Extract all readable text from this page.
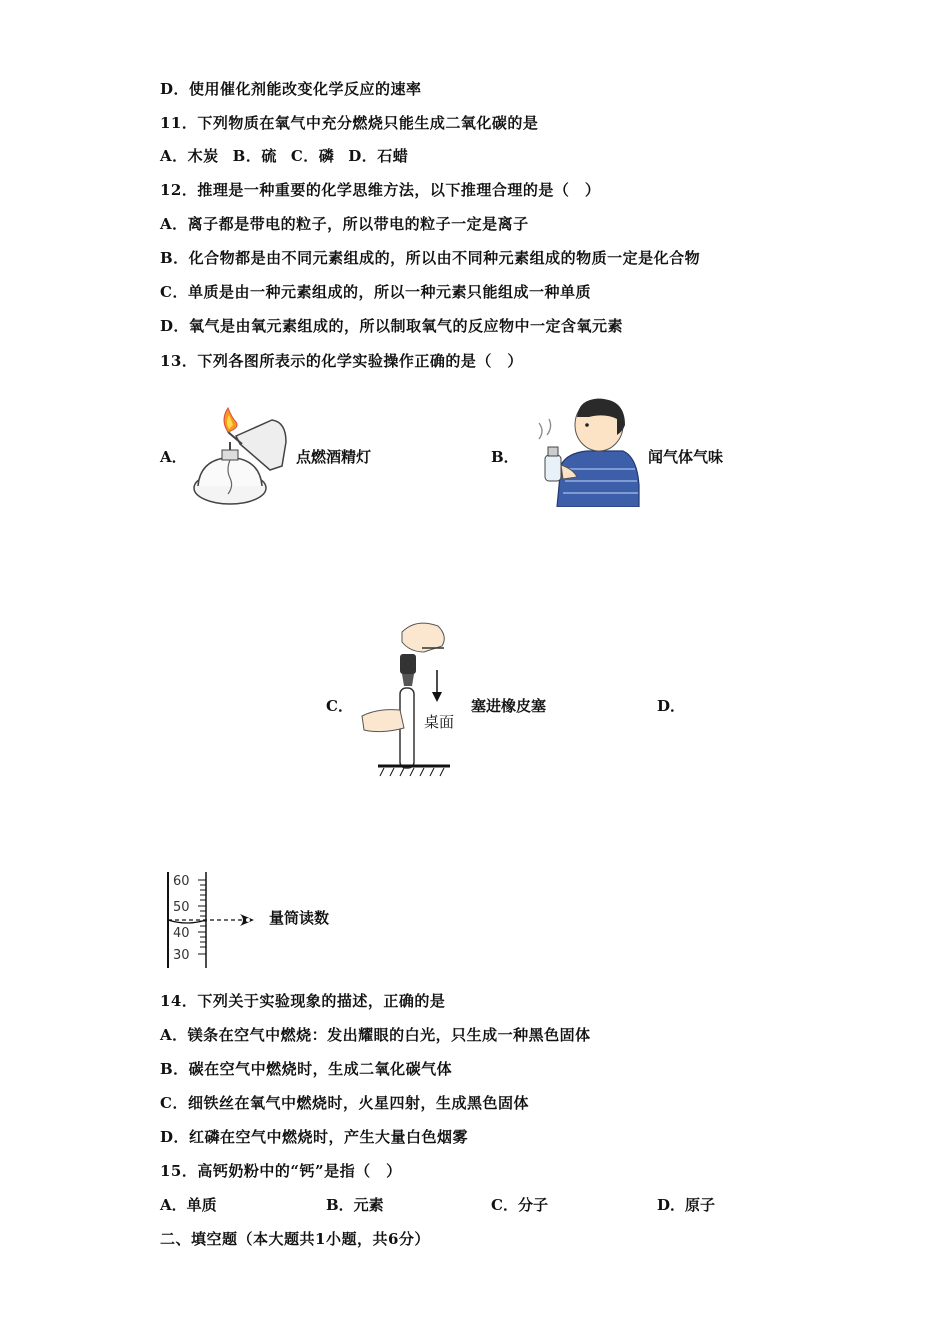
D．使用催化剂能改变化学反应的速率
11．下列物质在氧气中充分燃烧只能生成二氧化碳的是
A．木炭 B．硫 C．磷 D．石蜡
12．推理是一种重要的化学思维方法，以下推理合理的是（　）
A．离子都是带电的粒子，所以带电的粒子一定是离子
B．化合物都是由不同元素组成的，所以由不同种元素组成的物质一定是化合物
C．单质是由一种元素组成的，所以一种元素只能组成一种单质
D．氧气是由氧元素组成的，所以制取氧气的反应物中一定含氧元素
13．下列各图所表示的化学实验操作正确的是（　）
A．	点燃酒精灯	B．	闻气体气味
C．
桌面
塞进橡皮塞	D．
60
50
40
30
量筒读数
14．下列关于实验现象的描述，正确的是
A．镁条在空气中燃烧：发出耀眼的白光，只生成一种黑色固体
B．碳在空气中燃烧时，生成二氧化碳气体
C．细铁丝在氧气中燃烧时，火星四射，生成黑色固体
D．红磷在空气中燃烧时，产生大量白色烟雾
15．高钙奶粉中的“钙”是指（　）
A．单质	B．元素	C．分子	D．原子
二、填空题（本大题共1小题，共6分）
